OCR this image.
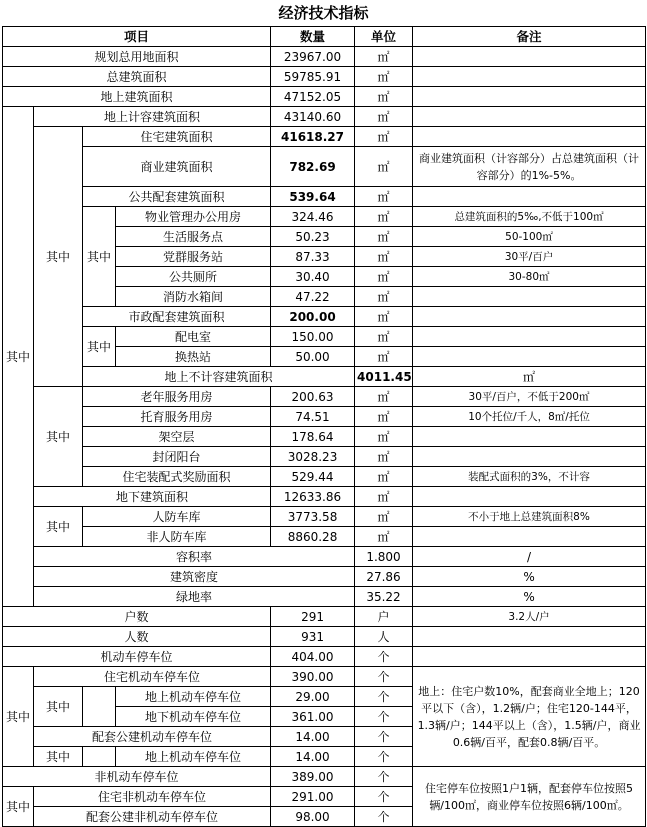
经济技术指标
项目				数量	单位	备注	
规划总用地面积				23967.00	㎡		
总建筑面积				59785.91	㎡		
地上建筑面积				47152.05	㎡		
其中	地上计容建筑面积			43140.60	㎡		
	其中	住宅建筑面积		41618.27	㎡		
		商业建筑面积		782.69	㎡	商业建筑面积（计容部分）占总建筑面积（计容部分）的1%-5%。	
		公共配套建筑面积		539.64	㎡		
		其中	物业管理办公用房	324.46	㎡	总建筑面积的5‰,不低于100㎡	
			生活服务点	50.23	㎡	50-100㎡	
			党群服务站	87.33	㎡	30平/百户	
			公共厕所	30.40	㎡	30-80㎡	
			消防水箱间	47.22	㎡		
		市政配套建筑面积		200.00	㎡		
		其中	配电室	150.00	㎡		
			换热站	50.00	㎡		
		地上不计容建筑面积			4011.45	㎡	
	其中	老年服务用房		200.63	㎡	30平/百户，不低于200㎡	
		托育服务用房		74.51	㎡	10个托位/千人，8㎡/托位	
		架空层		178.64	㎡		
		封闭阳台		3028.23	㎡		
		住宅装配式奖励面积		529.44	㎡	装配式面积的3%，不计容	
	地下建筑面积			12633.86	㎡		
	其中	人防车库		3773.58	㎡	不小于地上总建筑面积8%	
		非人防车库		8860.28	㎡		
	容积率				1.800	/	
	建筑密度				27.86	%	
	绿地率				35.22	%	
户数				291	户	3.2人/户	
人数				931	人		
机动车停车位				404.00	个		
其中	住宅机动车停车位			390.00	个	地上：住宅户数10%，配套商业全地上；120平以下（含），1.2辆/户；住宅120-144平，1.3辆/户；144平以上（含），1.5辆/户，商业0.6辆/百平，配套0.8辆/百平。	
	其中		地上机动车停车位	29.00	个		
			地下机动车停车位	361.00	个		
	配套公建机动车停车位			14.00	个		
	其中		地上机动车停车位	14.00	个		
非机动车停车位				389.00	个	住宅停车位按照1户1辆，配套停车位按照5辆/100㎡，商业停车位按照6辆/100㎡。	
其中	住宅非机动车停车位			291.00	个		
	配套公建非机动车停车位			98.00	个		
